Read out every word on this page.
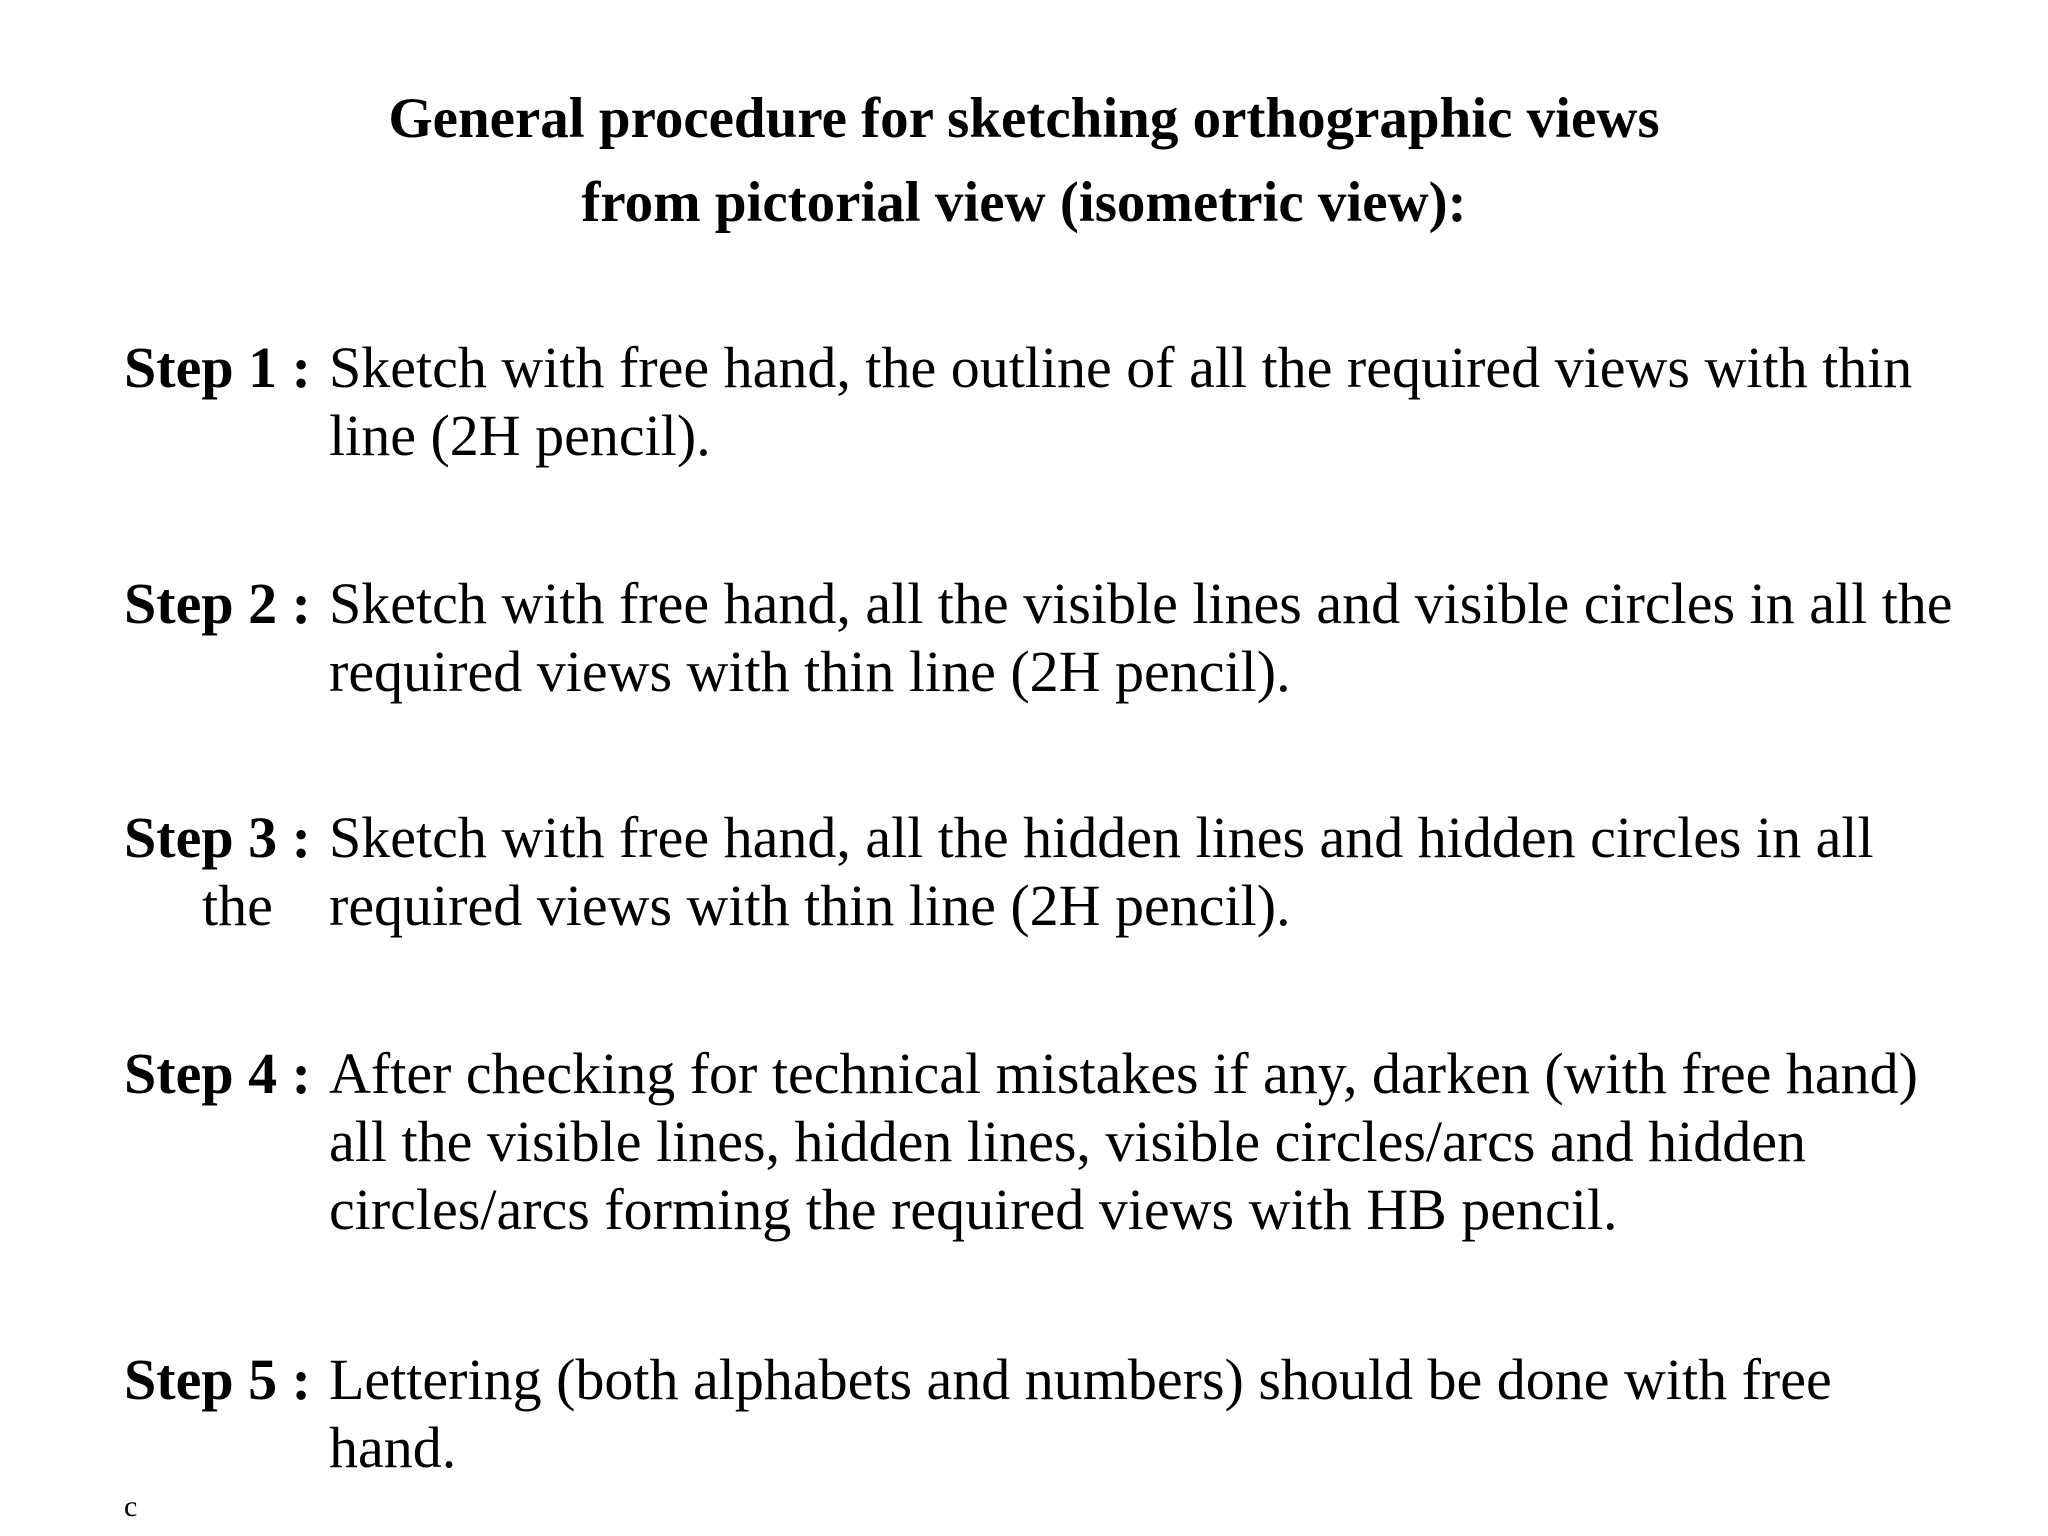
General procedure for sketching orthographic views
from pictorial view (isometric view):
Step 1 : Sketch with free hand, the outline of all the required views with thin
line (2H pencil).
Step 2 : Sketch with free hand, all the visible lines and visible circles in all the
required views with thin line (2H pencil).
Step 3 :
the
Sketch with free hand, all the hidden lines and hidden circles in all
required views with thin line (2H pencil).
Step 4 : After checking for technical mistakes if any, darken (with free hand)
all the visible lines, hidden lines, visible circles/arcs and hidden
circles/arcs forming the required views with HB pencil.
Step 5 : Lettering (both alphabets and numbers) should be done with free
hand.
c
